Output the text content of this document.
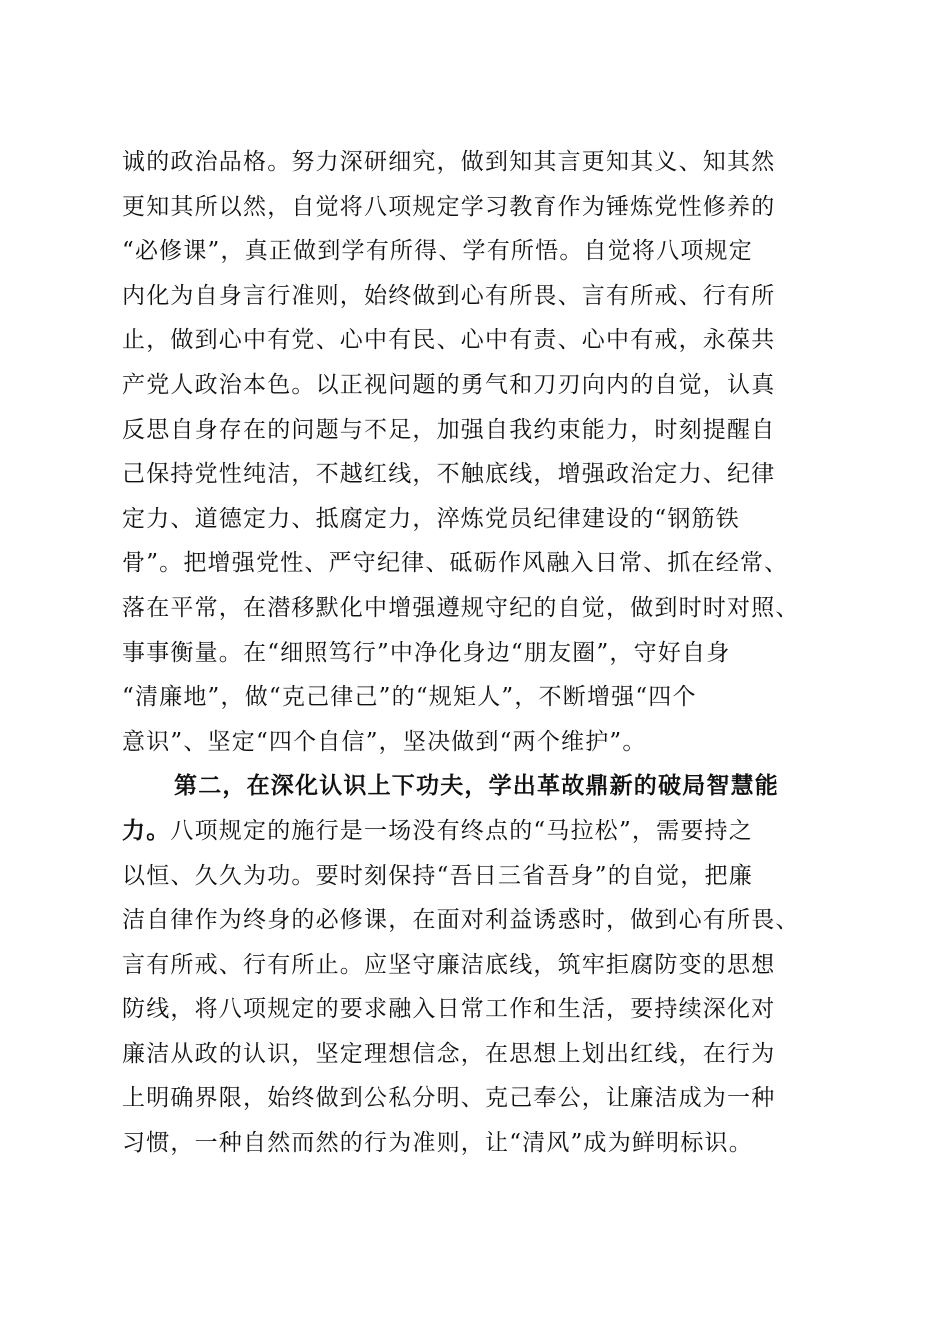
诚的政治品格。努力深研细究，做到知其言更知其义、知其然
更知其所以然，自觉将八项规定学习教育作为锤炼党性修养的
“必修课”，真正做到学有所得、学有所悟。自觉将八项规定
内化为自身言行准则，始终做到心有所畏、言有所戒、行有所
止，做到心中有党、心中有民、心中有责、心中有戒，永葆共
产党人政治本色。以正视问题的勇气和刀刃向内的自觉，认真
反思自身存在的问题与不足，加强自我约束能力，时刻提醒自
己保持党性纯洁，不越红线，不触底线，增强政治定力、纪律
定力、道德定力、抵腐定力，淬炼党员纪律建设的“钢筋铁
骨”。把增强党性、严守纪律、砥砺作风融入日常、抓在经常、
落在平常，在潜移默化中增强遵规守纪的自觉，做到时时对照、
事事衡量。在“细照笃行”中净化身边“朋友圈”，守好自身
“清廉地”，做“克己律己”的“规矩人”，不断增强“四个
意识”、坚定“四个自信”，坚决做到“两个维护”。
第二，在深化认识上下功夫，学出革故鼎新的破局智慧能
力。八项规定的施行是一场没有终点的“马拉松”，需要持之
以恒、久久为功。要时刻保持“吾日三省吾身”的自觉，把廉
洁自律作为终身的必修课，在面对利益诱惑时，做到心有所畏、
言有所戒、行有所止。应坚守廉洁底线，筑牢拒腐防变的思想
防线，将八项规定的要求融入日常工作和生活，要持续深化对
廉洁从政的认识，坚定理想信念，在思想上划出红线，在行为
上明确界限，始终做到公私分明、克己奉公，让廉洁成为一种
习惯，一种自然而然的行为准则，让“清风”成为鲜明标识。
